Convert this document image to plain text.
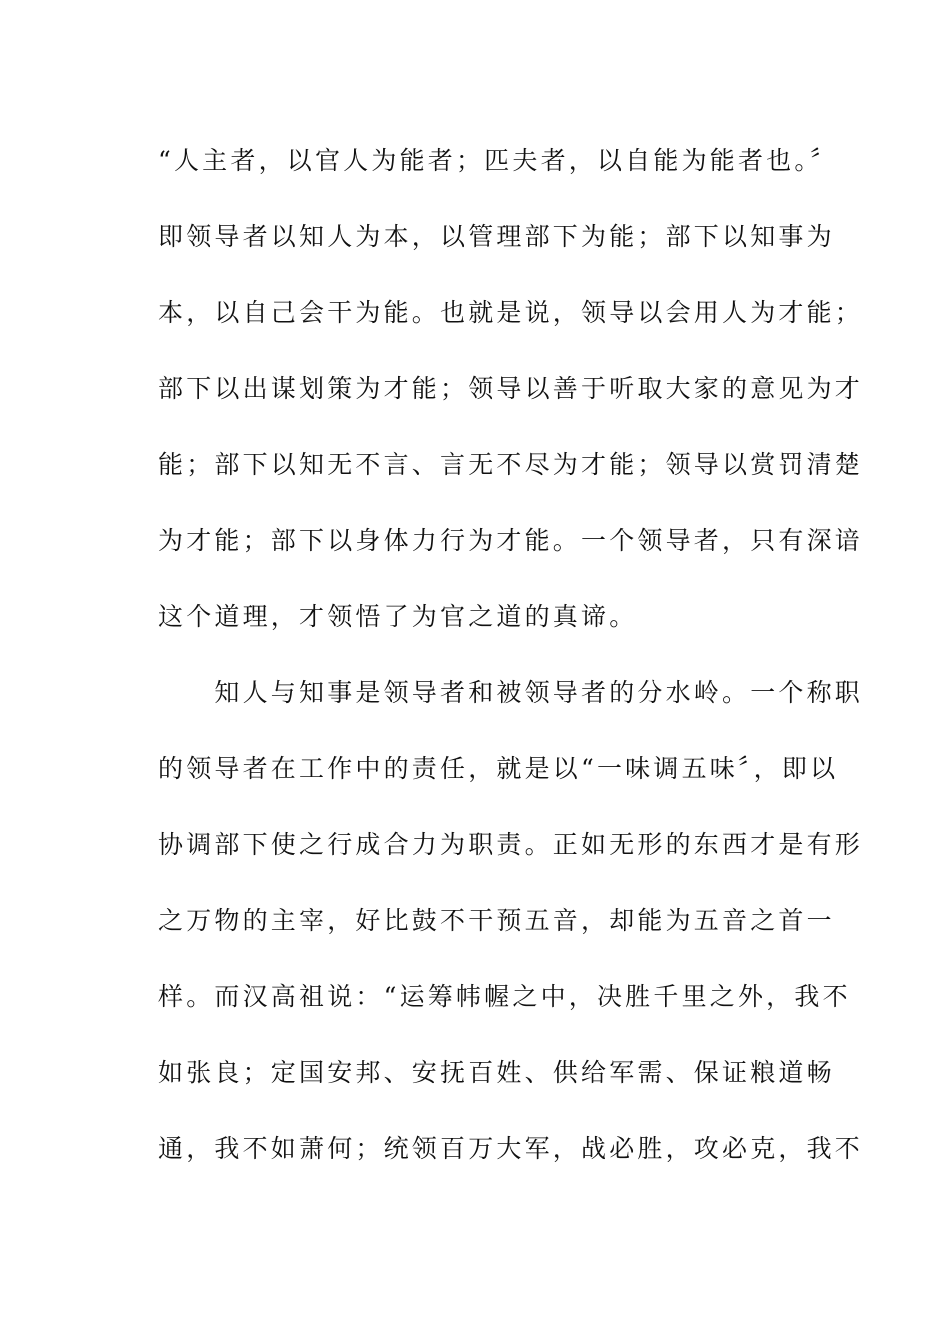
“人主者，以官人为能者；匹夫者，以自能为能者也。〞
即领导者以知人为本，以管理部下为能；部下以知事为
本，以自己会干为能。也就是说，领导以会用人为才能；
部下以出谋划策为才能；领导以善于听取大家的意见为才
能；部下以知无不言、言无不尽为才能；领导以赏罚清楚
为才能；部下以身体力行为才能。一个领导者，只有深谙
这个道理，才领悟了为官之道的真谛。
　　知人与知事是领导者和被领导者的分水岭。一个称职
的领导者在工作中的责任，就是以“一味调五味〞，即以
协调部下使之行成合力为职责。正如无形的东西才是有形
之万物的主宰，好比鼓不干预五音，却能为五音之首一
样。而汉高祖说：“运筹帏幄之中，决胜千里之外，我不
如张良；定国安邦、安抚百姓、供给军需、保证粮道畅
通，我不如萧何；统领百万大军，战必胜，攻必克，我不
